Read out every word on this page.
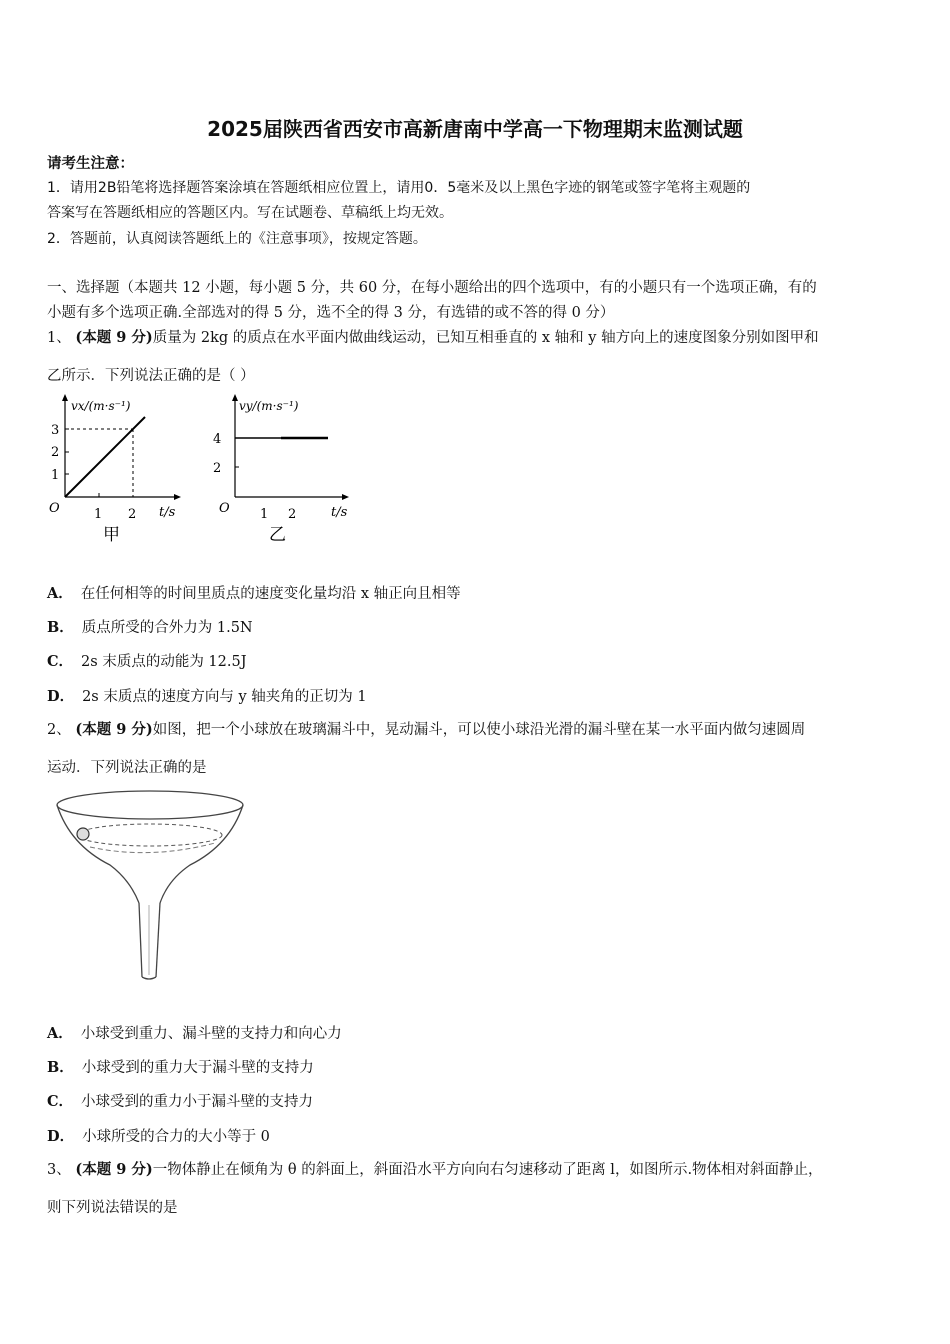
2025届陕西省西安市高新唐南中学高一下物理期末监测试题
请考生注意：
1．请用2B铅笔将选择题答案涂填在答题纸相应位置上，请用0．5毫米及以上黑色字迹的钢笔或签字笔将主观题的
答案写在答题纸相应的答题区内。写在试题卷、草稿纸上均无效。
2．答题前，认真阅读答题纸上的《注意事项》，按规定答题。
一、选择题（本题共 12 小题，每小题 5 分，共 60 分，在每小题给出的四个选项中，有的小题只有一个选项正确，有的
小题有多个选项正确.全部选对的得 5 分，选不全的得 3 分，有选错的或不答的得 0 分）
1、 (本题 9 分)质量为 2kg 的质点在水平面内做曲线运动，已知互相垂直的 x 轴和 y 轴方向上的速度图象分别如图甲和
乙所示．下列说法正确的是（ ）
vx/(m·s⁻¹)
3
2
1
O	1 2 t/s
甲
vy/(m·s⁻¹)
4
2
O 1 2	t/s
乙
A． 在任何相等的时间里质点的速度变化量均沿 x 轴正向且相等
B． 质点所受的合外力为 1.5N
C． 2s 末质点的动能为 12.5J
D． 2s 末质点的速度方向与 y 轴夹角的正切为 1
2、 (本题 9 分)如图，把一个小球放在玻璃漏斗中，晃动漏斗，可以使小球沿光滑的漏斗壁在某一水平面内做匀速圆周
运动．下列说法正确的是
A． 小球受到重力、漏斗壁的支持力和向心力
B． 小球受到的重力大于漏斗壁的支持力
C． 小球受到的重力小于漏斗壁的支持力
D． 小球所受的合力的大小等于 0
3、 (本题 9 分)一物体静止在倾角为 θ 的斜面上，斜面沿水平方向向右匀速移动了距离 l，如图所示.物体相对斜面静止，
则下列说法错误的是
